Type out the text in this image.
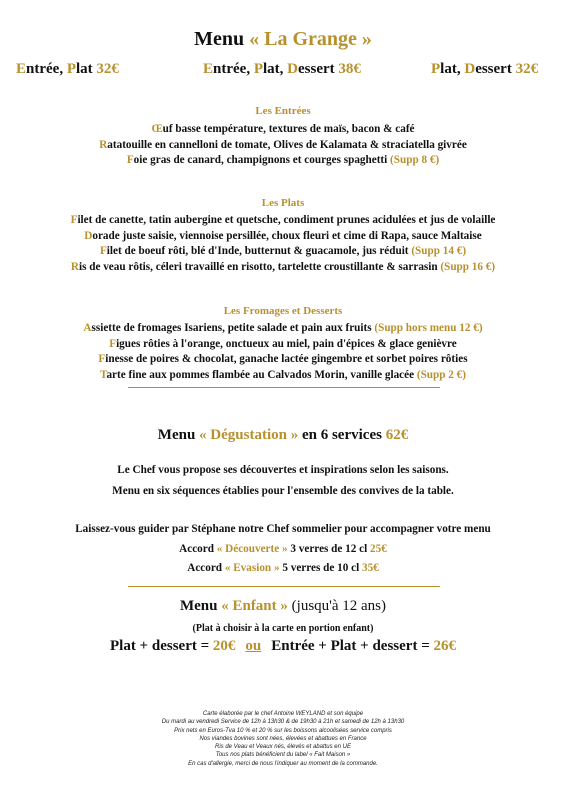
Menu « La Grange »
Entrée, Plat 32€	Entrée, Plat, Dessert 38€	Plat, Dessert 32€
Les Entrées
Œuf basse température, textures de maïs, bacon & café
Ratatouille en cannelloni de tomate, Olives de Kalamata & straciatella givrée
Foie gras de canard, champignons et courges spaghetti (Supp 8 €)
Les Plats
Filet de canette, tatin aubergine et quetsche, condiment prunes acidulées et jus de volaille
Dorade juste saisie, viennoise persillée, choux fleuri et cime di Rapa, sauce Maltaise
Filet de boeuf rôti, blé d'Inde, butternut & guacamole, jus réduit (Supp 14 €)
Ris de veau rôtis, céleri travaillé en risotto, tartelette croustillante & sarrasin (Supp 16 €)
Les Fromages et Desserts
Assiette de fromages Isariens, petite salade et pain aux fruits (Supp hors menu 12 €)
Figues rôties à l'orange, onctueux au miel, pain d'épices & glace genièvre
Finesse de poires & chocolat, ganache lactée gingembre et sorbet poires rôties
Tarte fine aux pommes flambée au Calvados Morin, vanille glacée (Supp 2 €)
Menu « Dégustation » en 6 services 62€
Le Chef vous propose ses découvertes et inspirations selon les saisons.
Menu en six séquences établies pour l'ensemble des convives de la table.
Laissez-vous guider par Stéphane notre Chef sommelier pour accompagner votre menu
Accord « Découverte » 3 verres de 12 cl 25€
Accord « Evasion » 5 verres de 10 cl 35€
Menu « Enfant » (jusqu'à 12 ans)
(Plat à choisir à la carte en portion enfant)
Plat + dessert = 20€ ou Entrée + Plat + dessert = 26€
Carte élaborée par le chef Antoine WEYLAND et son équipe
Du mardi au vendredi Service de 12h à 13h30 & de 19h30 à 21h et samedi de 12h à 13h30
Prix nets en Euros-Tva 10 % et 20 % sur les boissons alcoolisées service compris
Nos viandes bovines sont nées, élevées et abattues en France
Ris de Veau et Veaux nés, élevés et abattus en UE
Tous nos plats bénéficient du label « Fait Maison »
En cas d'allergie, merci de nous l'indiquer au moment de la commande.
